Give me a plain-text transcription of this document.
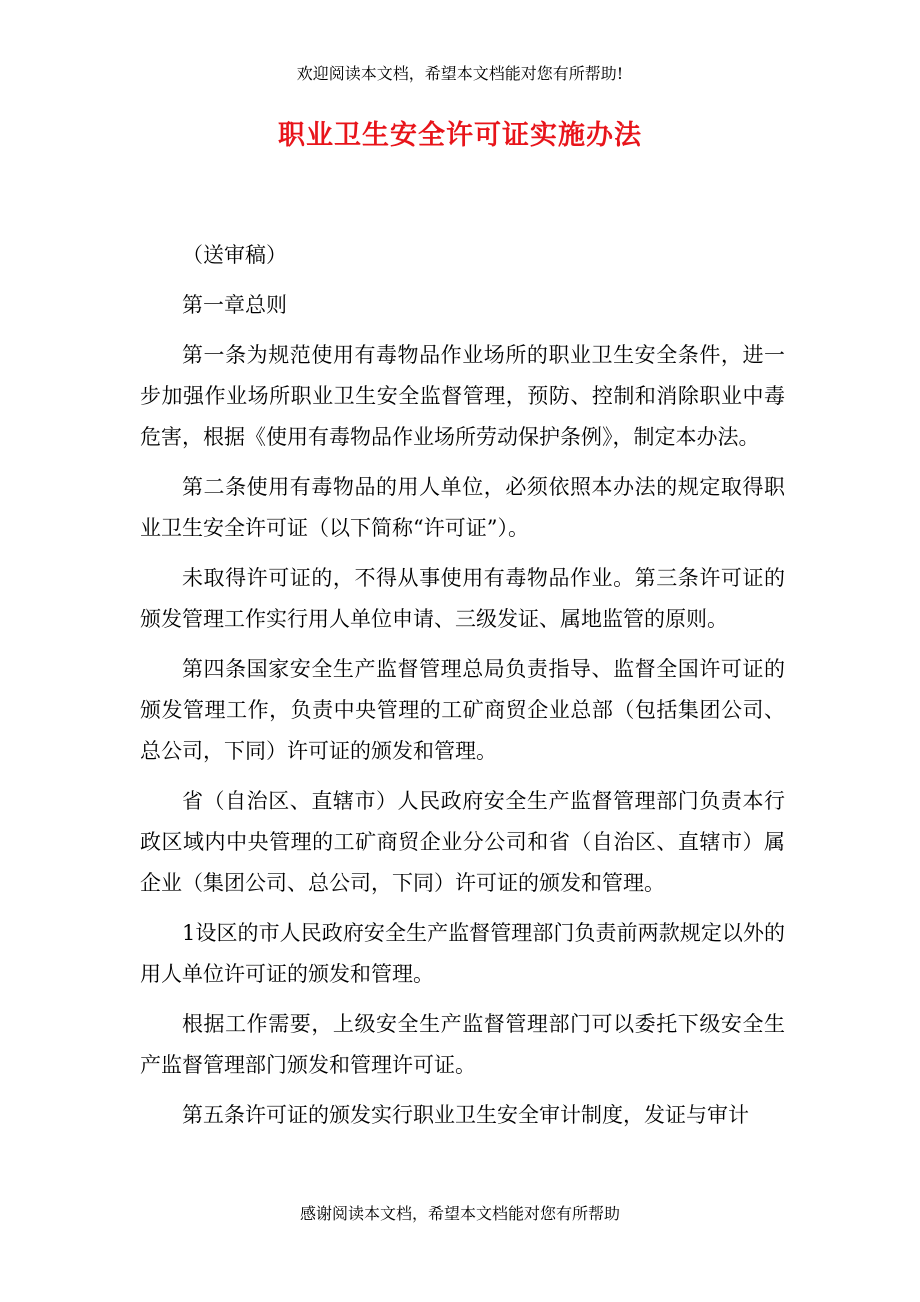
欢迎阅读本文档，希望本文档能对您有所帮助!
职业卫生安全许可证实施办法

（送审稿）

第一章总则

第一条为规范使用有毒物品作业场所的职业卫生安全条件，进一步加强作业场所职业卫生安全监督管理，预防、控制和消除职业中毒危害，根据《使用有毒物品作业场所劳动保护条例》，制定本办法。

第二条使用有毒物品的用人单位，必须依照本办法的规定取得职业卫生安全许可证（以下简称“许可证”）。

未取得许可证的，不得从事使用有毒物品作业。第三条许可证的颁发管理工作实行用人单位申请、三级发证、属地监管的原则。

第四条国家安全生产监督管理总局负责指导、监督全国许可证的颁发管理工作，负责中央管理的工矿商贸企业总部（包括集团公司、总公司，下同）许可证的颁发和管理。

省（自治区、直辖市）人民政府安全生产监督管理部门负责本行政区域内中央管理的工矿商贸企业分公司和省（自治区、直辖市）属企业（集团公司、总公司，下同）许可证的颁发和管理。

1设区的市人民政府安全生产监督管理部门负责前两款规定以外的用人单位许可证的颁发和管理。

根据工作需要，上级安全生产监督管理部门可以委托下级安全生产监督管理部门颁发和管理许可证。

第五条许可证的颁发实行职业卫生安全审计制度，发证与审计

感谢阅读本文档，希望本文档能对您有所帮助
